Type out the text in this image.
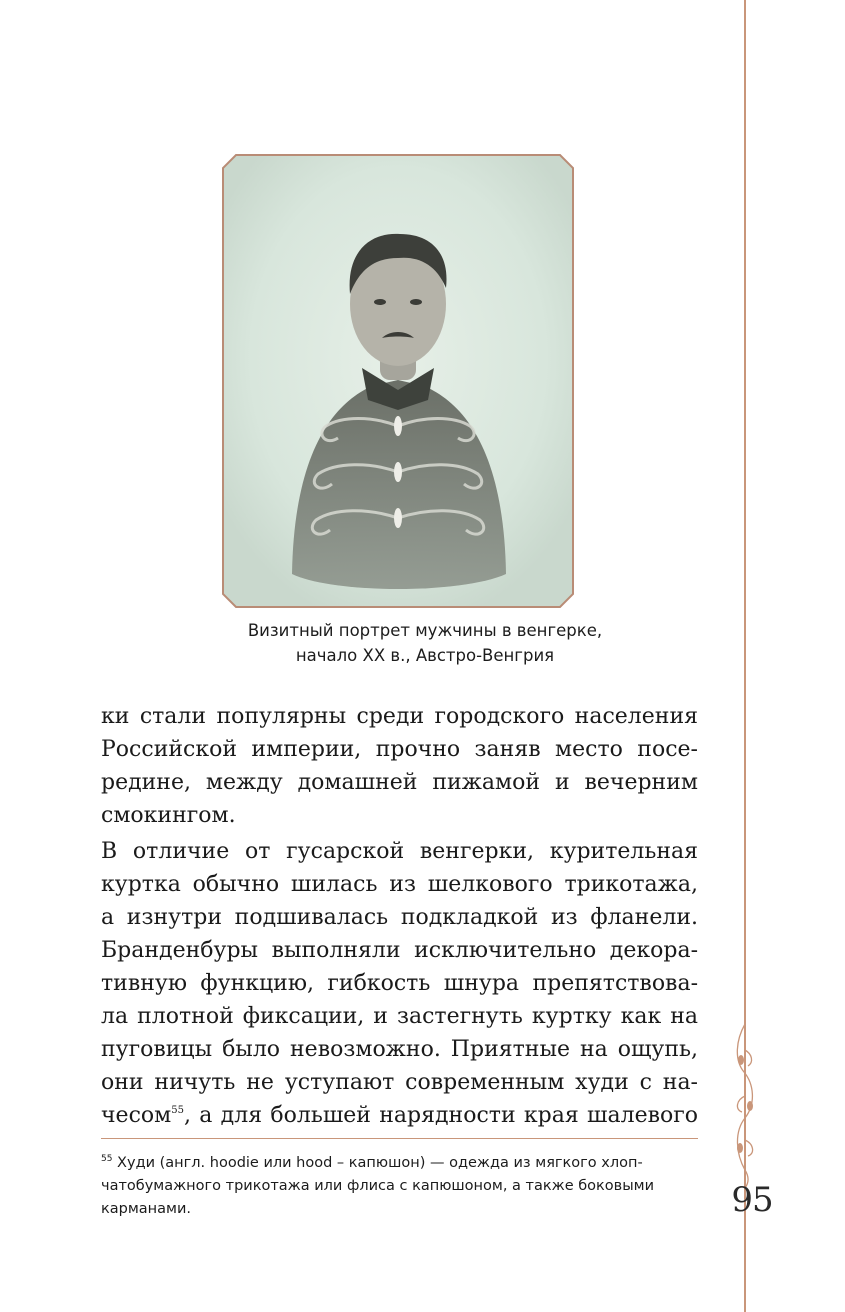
Визитный портрет мужчины в венгерке,
начало XX в., Австро-Венгрия
ки стали популярны среди городского населения
Российской империи, прочно заняв место посе-
редине, между домашней пижамой и вечерним
смокингом.
В отличие от гусарской венгерки, курительная
куртка обычно шилась из шелкового трикотажа,
а изнутри подшивалась подкладкой из фланели.
Бранденбуры выполняли исключительно декора-
тивную функцию, гибкость шнура препятствова-
ла плотной фиксации, и застегнуть куртку как на
пуговицы было невозможно. Приятные на ощупь,
они ничуть не уступают современным худи с на-
чесом$^{55}$, а для большей нарядности края шалевого
$^{55}$ Худи (англ. hoodie или hood – капюшон) — одежда из мягкого хлоп-
чатобумажного трикотажа или флиса с капюшоном, а также боковыми
карманами.	95
